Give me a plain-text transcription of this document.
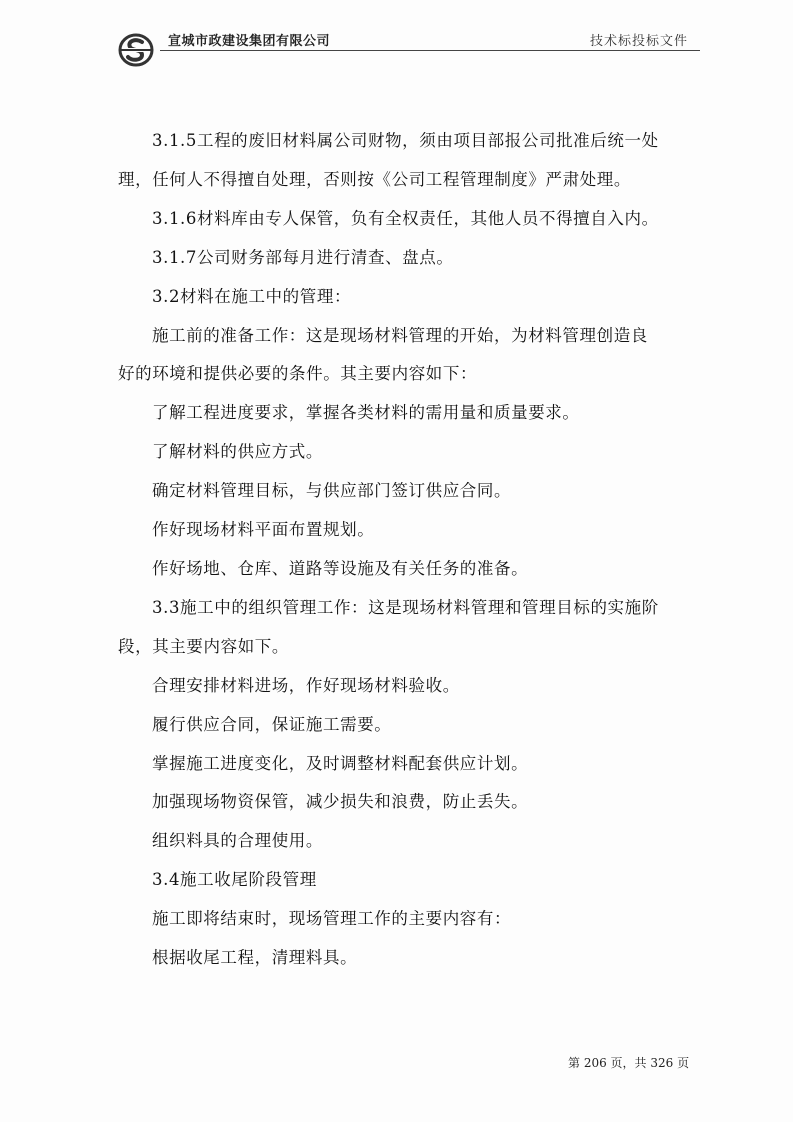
宣城市政建设集团有限公司	技术标投标文件

3.1.5工程的废旧材料属公司财物，须由项目部报公司批准后统一处

理，任何人不得擅自处理，否则按《公司工程管理制度》严肃处理。

3.1.6材料库由专人保管，负有全权责任，其他人员不得擅自入内。

3.1.7公司财务部每月进行清查、盘点。

3.2材料在施工中的管理：

施工前的准备工作：这是现场材料管理的开始，为材料管理创造良

好的环境和提供必要的条件。其主要内容如下：

了解工程进度要求，掌握各类材料的需用量和质量要求。

了解材料的供应方式。

确定材料管理目标，与供应部门签订供应合同。

作好现场材料平面布置规划。

作好场地、仓库、道路等设施及有关任务的准备。

3.3施工中的组织管理工作：这是现场材料管理和管理目标的实施阶

段，其主要内容如下。

合理安排材料进场，作好现场材料验收。

履行供应合同，保证施工需要。

掌握施工进度变化，及时调整材料配套供应计划。

加强现场物资保管，减少损失和浪费，防止丢失。

组织料具的合理使用。

3.4施工收尾阶段管理

施工即将结束时，现场管理工作的主要内容有：

根据收尾工程，清理料具。

第 206 页，共 326 页
